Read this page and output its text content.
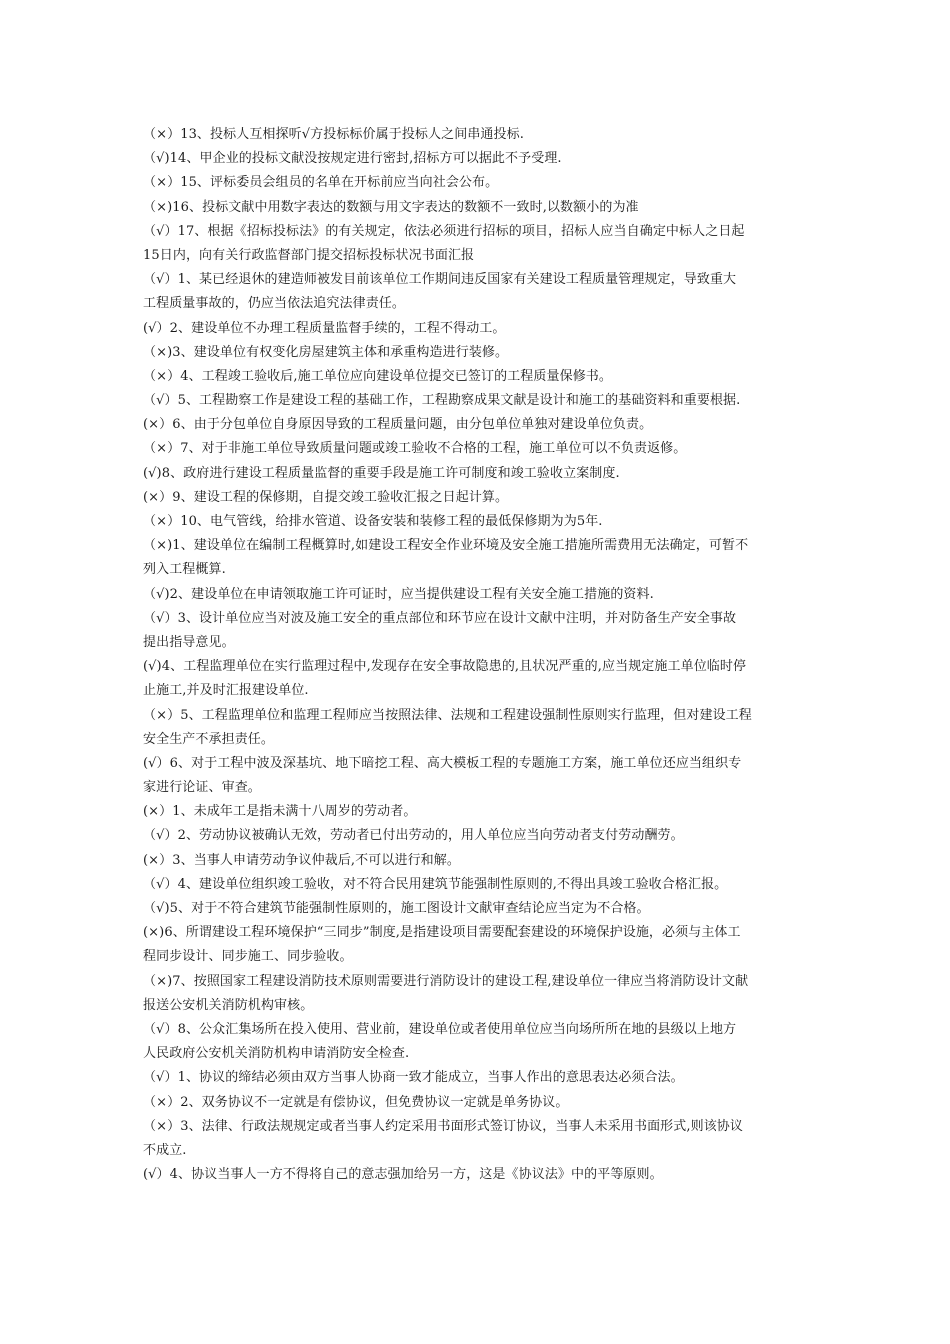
（×）13、投标人互相探听√方投标标价属于投标人之间串通投标.
（√)14、甲企业的投标文献没按规定进行密封,招标方可以据此不予受理.
（×）15、评标委员会组员的名单在开标前应当向社会公布。
（×)16、投标文献中用数字表达的数额与用文字表达的数额不一致时,以数额小的为准
（√）17、根据《招标投标法》的有关规定，依法必须进行招标的项目，招标人应当自确定中标人之日起
15日内，向有关行政监督部门提交招标投标状况书面汇报
（√）1、某已经退休的建造师被发目前该单位工作期间违反国家有关建设工程质量管理规定，导致重大
工程质量事故的，仍应当依法追究法律责任。
(√）2、建设单位不办理工程质量监督手续的，工程不得动工。
（×)3、建设单位有权变化房屋建筑主体和承重构造进行装修。
（×）4、工程竣工验收后,施工单位应向建设单位提交已签订的工程质量保修书。
（√）5、工程勘察工作是建设工程的基础工作，工程勘察成果文献是设计和施工的基础资料和重要根据.
(×）6、由于分包单位自身原因导致的工程质量问题，由分包单位单独对建设单位负责。
（×）7、对于非施工单位导致质量问题或竣工验收不合格的工程，施工单位可以不负责返修。
(√)8、政府进行建设工程质量监督的重要手段是施工许可制度和竣工验收立案制度.
(×）9、建设工程的保修期，自提交竣工验收汇报之日起计算。
（×）10、电气管线，给排水管道、设备安装和装修工程的最低保修期为为5年.
（×)1、建设单位在编制工程概算时,如建设工程安全作业环境及安全施工措施所需费用无法确定，可暂不
列入工程概算.
（√)2、建设单位在申请领取施工许可证时，应当提供建设工程有关安全施工措施的资料.
（√）3、设计单位应当对波及施工安全的重点部位和环节应在设计文献中注明，并对防备生产安全事故
提出指导意见。
(√)4、工程监理单位在实行监理过程中,发现存在安全事故隐患的,且状况严重的,应当规定施工单位临时停
止施工,并及时汇报建设单位.
（×）5、工程监理单位和监理工程师应当按照法律、法规和工程建设强制性原则实行监理，但对建设工程
安全生产不承担责任。
(√）6、对于工程中波及深基坑、地下暗挖工程、高大模板工程的专题施工方案，施工单位还应当组织专
家进行论证、审查。
(×）1、未成年工是指未满十八周岁的劳动者。
（√）2、劳动协议被确认无效，劳动者已付出劳动的，用人单位应当向劳动者支付劳动酬劳。
(×）3、当事人申请劳动争议仲裁后,不可以进行和解。
（√）4、建设单位组织竣工验收，对不符合民用建筑节能强制性原则的,不得出具竣工验收合格汇报。
（√)5、对于不符合建筑节能强制性原则的，施工图设计文献审查结论应当定为不合格。
(×)6、所谓建设工程环境保护“三同步”制度,是指建设项目需要配套建设的环境保护设施，必须与主体工
程同步设计、同步施工、同步验收。
（×)7、按照国家工程建设消防技术原则需要进行消防设计的建设工程,建设单位一律应当将消防设计文献
报送公安机关消防机构审核。
（√）8、公众汇集场所在投入使用、营业前，建设单位或者使用单位应当向场所所在地的县级以上地方
人民政府公安机关消防机构申请消防安全检查.
（√）1、协议的缔结必须由双方当事人协商一致才能成立，当事人作出的意思表达必须合法。
（×）2、双务协议不一定就是有偿协议，但免费协议一定就是单务协议。
（×）3、法律、行政法规规定或者当事人约定采用书面形式签订协议，当事人未采用书面形式,则该协议
不成立.
(√）4、协议当事人一方不得将自己的意志强加给另一方，这是《协议法》中的平等原则。
